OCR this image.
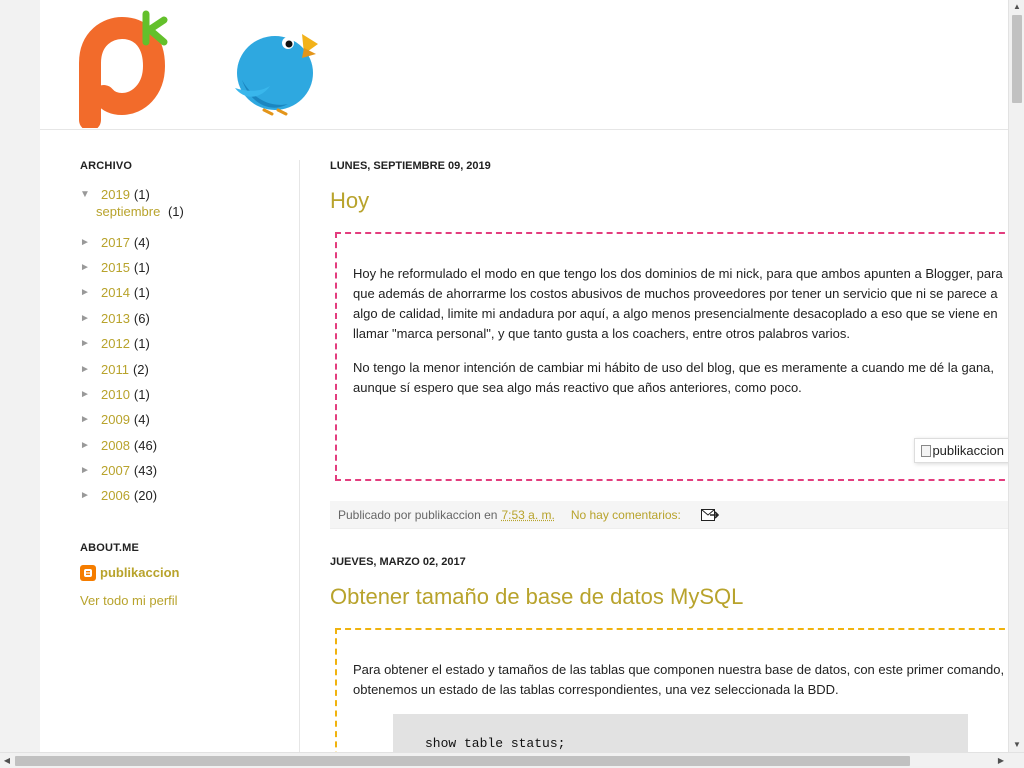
ARCHIVO
▼ 2019 (1)
septiembre (1)
► 2017 (4)
► 2015 (1)
► 2014 (1)
► 2013 (6)
► 2012 (1)
► 2011 (2)
► 2010 (1)
► 2009 (4)
► 2008 (46)
► 2007 (43)
► 2006 (20)
ABOUT.ME
publikaccion
Ver todo mi perfil
LUNES, SEPTIEMBRE 09, 2019
Hoy

Hoy he reformulado el modo en que tengo los dos dominios de mi nick, para que ambos apunten a Blogger, para que además de ahorrarme los costos abusivos de muchos proveedores por tener un servicio que ni se parece a algo de calidad, limite mi andadura por aquí, a algo menos presencialmente desacoplado a eso que se viene en llamar "marca personal", y que tanto gusta a los coachers, entre otros palabros varios.

No tengo la menor intención de cambiar mi hábito de uso del blog, que es meramente a cuando me dé la gana, aunque sí espero que sea algo más reactivo que años anteriores, como poco.

publikaccion
Publicado por publikaccion en 7:53 a. m. No hay comentarios:
JUEVES, MARZO 02, 2017
Obtener tamaño de base de datos MySQL

Para obtener el estado y tamaños de las tablas que componen nuestra base de datos, con este primer comando, obtenemos un estado de las tablas correspondientes, una vez seleccionada la BDD.

show table status;
▲
▼
◀	▶
